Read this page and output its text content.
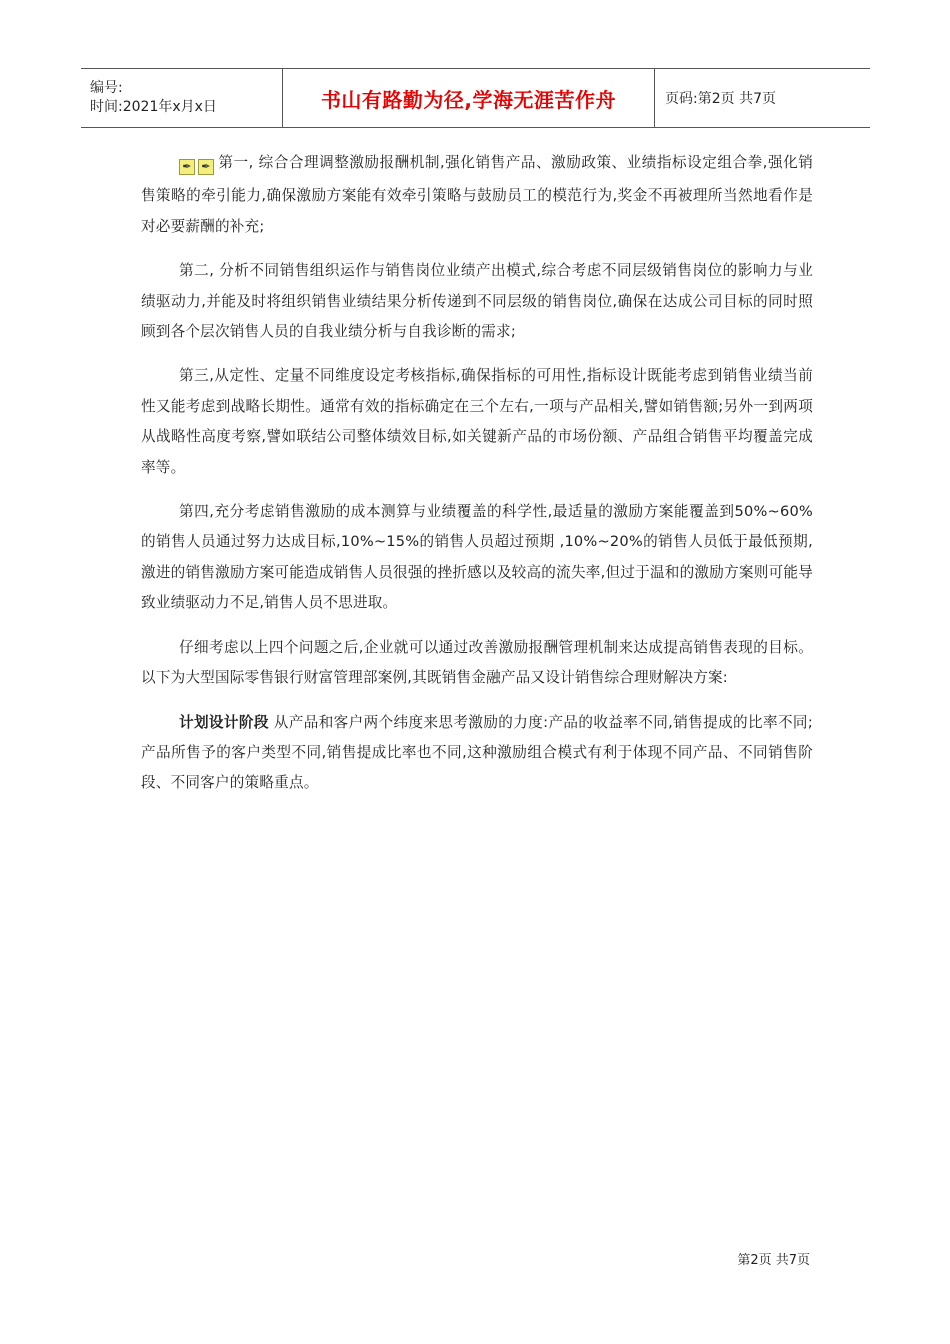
编号:
时间:2021年x月x日	书山有路勤为径,学海无涯苦作舟	页码:第2页 共7页

✒ ✒ 第一, 综合合理调整激励报酬机制,强化销售产品、激励政策、业绩指标设定组合拳,强化销售策略的牵引能力,确保激励方案能有效牵引策略与鼓励员工的模范行为,奖金不再被理所当然地看作是对必要薪酬的补充;

第二, 分析不同销售组织运作与销售岗位业绩产出模式,综合考虑不同层级销售岗位的影响力与业绩驱动力,并能及时将组织销售业绩结果分析传递到不同层级的销售岗位,确保在达成公司目标的同时照顾到各个层次销售人员的自我业绩分析与自我诊断的需求;

第三,从定性、定量不同维度设定考核指标,确保指标的可用性,指标设计既能考虑到销售业绩当前性又能考虑到战略长期性。通常有效的指标确定在三个左右,一项与产品相关,譬如销售额;另外一到两项从战略性高度考察,譬如联结公司整体绩效目标,如关键新产品的市场份额、产品组合销售平均覆盖完成率等。

第四,充分考虑销售激励的成本测算与业绩覆盖的科学性,最适量的激励方案能覆盖到50%~60%的销售人员通过努力达成目标,10%~15%的销售人员超过预期 ,10%~20%的销售人员低于最低预期,激进的销售激励方案可能造成销售人员很强的挫折感以及较高的流失率,但过于温和的激励方案则可能导致业绩驱动力不足,销售人员不思进取。

仔细考虑以上四个问题之后,企业就可以通过改善激励报酬管理机制来达成提高销售表现的目标。以下为大型国际零售银行财富管理部案例,其既销售金融产品又设计销售综合理财解决方案:

计划设计阶段 从产品和客户两个纬度来思考激励的力度:产品的收益率不同,销售提成的比率不同;产品所售予的客户类型不同,销售提成比率也不同,这种激励组合模式有利于体现不同产品、不同销售阶段、不同客户的策略重点。

第2页 共7页
